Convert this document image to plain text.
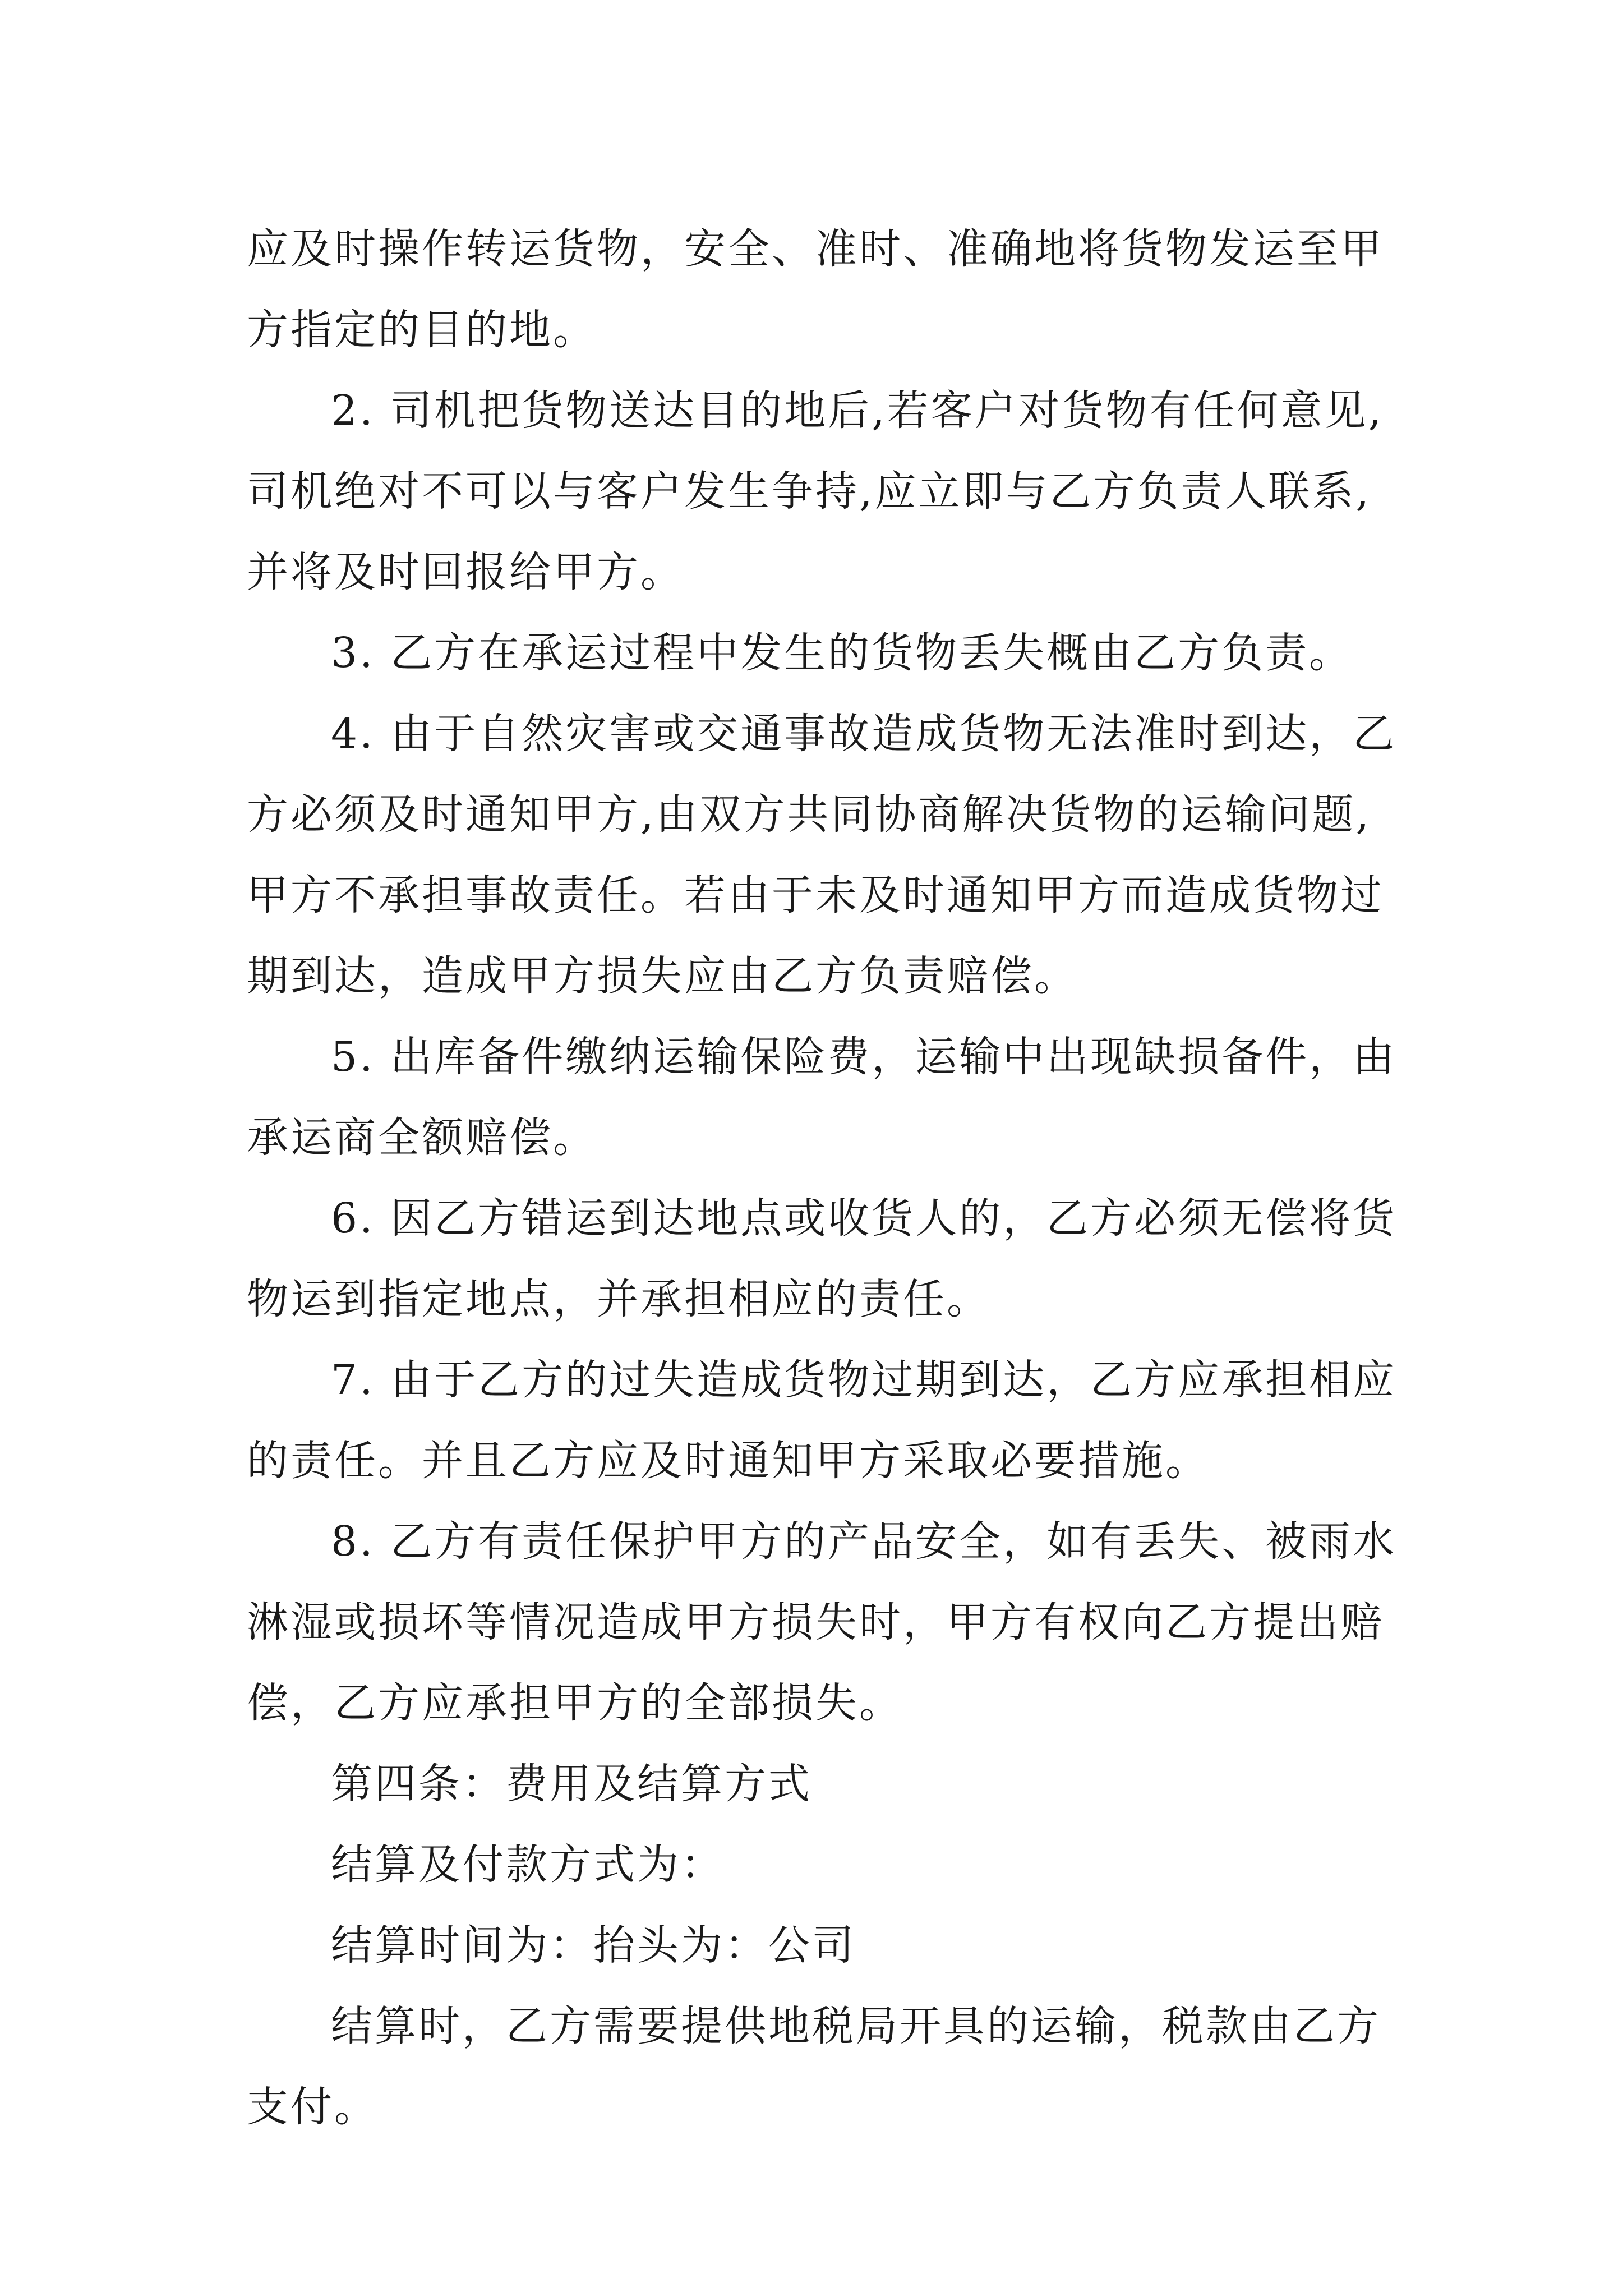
应及时操作转运货物，安全、准时、准确地将货物发运至甲
方指定的目的地。
2. 司机把货物送达目的地后,若客户对货物有任何意见,
司机绝对不可以与客户发生争持,应立即与乙方负责人联系,
并将及时回报给甲方。
3. 乙方在承运过程中发生的货物丢失概由乙方负责。
4. 由于自然灾害或交通事故造成货物无法准时到达，乙
方必须及时通知甲方,由双方共同协商解决货物的运输问题,
甲方不承担事故责任。若由于未及时通知甲方而造成货物过
期到达，造成甲方损失应由乙方负责赔偿。
5. 出库备件缴纳运输保险费，运输中出现缺损备件，由
承运商全额赔偿。
6. 因乙方错运到达地点或收货人的，乙方必须无偿将货
物运到指定地点，并承担相应的责任。
7. 由于乙方的过失造成货物过期到达，乙方应承担相应
的责任。并且乙方应及时通知甲方采取必要措施。
8. 乙方有责任保护甲方的产品安全，如有丢失、被雨水
淋湿或损坏等情况造成甲方损失时，甲方有权向乙方提出赔
偿，乙方应承担甲方的全部损失。
第四条：费用及结算方式
结算及付款方式为：
结算时间为：抬头为：公司
结算时，乙方需要提供地税局开具的运输，税款由乙方
支付。
